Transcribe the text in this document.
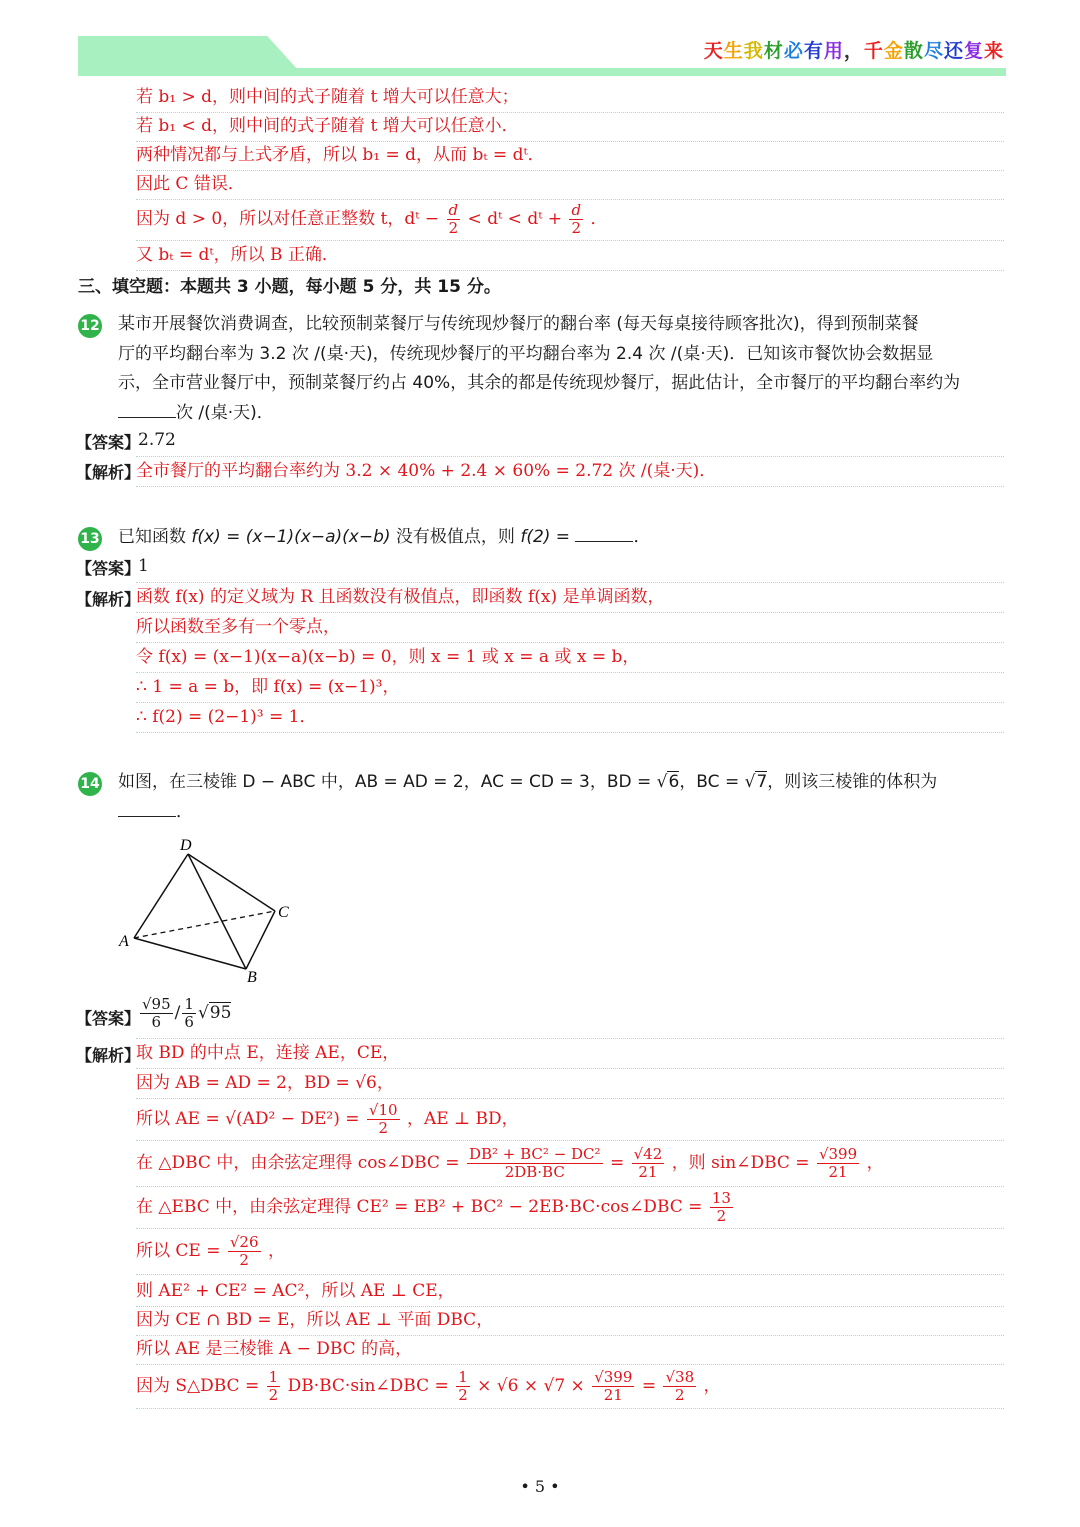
天生我材必有用，千金散尽还复来
若 b₁ > d，则中间的式子随着 t 增大可以任意大；
若 b₁ < d，则中间的式子随着 t 增大可以任意小．
两种情况都与上式矛盾，所以 b₁ = d，从而 bₜ = dᵗ．
因此 C 错误．
因为 d > 0，所以对任意正整数 t，dᵗ − $\frac{d}{2}$ < dᵗ < dᵗ + $\frac{d}{2}$ ．
又 bₜ = dᵗ，所以 B 正确．
三、填空题：本题共 3 小题，每小题 5 分，共 15 分。
12 某市开展餐饮消费调查，比较预制菜餐厅与传统现炒餐厅的翻台率 (每天每桌接待顾客批次)，得到预制菜餐
厅的平均翻台率为 3.2 次 /(桌·天)，传统现炒餐厅的平均翻台率为 2.4 次 /(桌·天)．已知该市餐饮协会数据显
示，全市营业餐厅中，预制菜餐厅约占 40%，其余的都是传统现炒餐厅，据此估计，全市餐厅的平均翻台率约为
次 /(桌·天)．
【答案】
2.72
【解析】
全市餐厅的平均翻台率约为 3.2 × 40% + 2.4 × 60% = 2.72 次 /(桌·天)．
13 已知函数 f(x) = (x−1)(x−a)(x−b) 没有极值点，则 f(2) =	．
【答案】
1
【解析】
函数 f(x) 的定义域为 R 且函数没有极值点，即函数 f(x) 是单调函数，
所以函数至多有一个零点，
令 f(x) = (x−1)(x−a)(x−b) = 0，则 x = 1 或 x = a 或 x = b，
∴ 1 = a = b，即 f(x) = (x−1)³，
∴ f(2) = (2−1)³ = 1．
14 如图，在三棱锥 D − ABC 中，AB = AD = 2，AC = CD = 3，BD = √6，BC = √7，则该三棱锥的体积为
．
D
C
A
B
【答案】 $\frac{√95}{6} / \frac{1}{6} √95$
【解析】
取 BD 的中点 E，连接 AE，CE，
因为 AB = AD = 2，BD = √6，
所以 AE = $√(AD^2 - DE^2) = \frac{√10}{2}$ ，AE ⊥ BD，
在 △DBC 中，由余弦定理得 cos∠DBC = $\frac{\text{DB² + BC² − DC²}}{2DB\cdot BC} = \frac{√42}{21}$ ，则 sin∠DBC = $\frac{√399}{21}$ ，
在 △EBC 中，由余弦定理得 CE² = EB² + BC² − 2EB·BC·cos∠DBC = $\frac{13}{2}$
所以 CE = $\frac{√26}{2}$ ，
则 AE² + CE² = AC²，所以 AE ⊥ CE，
因为 CE ∩ BD = E，所以 AE ⊥ 平面 DBC，
所以 AE 是三棱锥 A − DBC 的高，
因为 S△DBC = $\frac{1}{2}$ DB·BC·sin∠DBC = $\frac{1}{2} \times √6 \times √7 \times \frac{√399}{21} = \frac{√38}{2}$ ，
• 5 •
